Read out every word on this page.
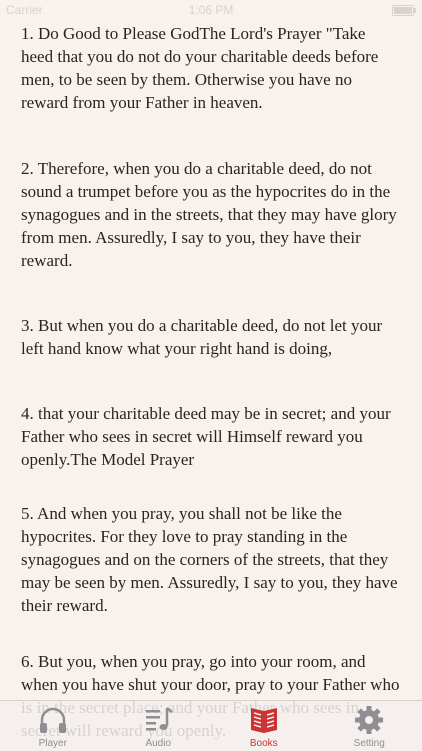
Carrier	1:06 PM

1. Do Good to Please GodThe Lord's Prayer "Take heed that you do not do your charitable deeds before men, to be seen by them. Otherwise you have no reward from your Father in heaven.

2. Therefore, when you do a charitable deed, do not sound a trumpet before you as the hypocrites do in the synagogues and in the streets, that they may have glory from men. Assuredly, I say to you, they have their reward.

3. But when you do a charitable deed, do not let your left hand know what your right hand is doing,

4. that your charitable deed may be in secret; and your Father who sees in secret will Himself reward you openly.The Model Prayer

5. And when you pray, you shall not be like the hypocrites. For they love to pray standing in the synagogues and on the corners of the streets, that they may be seen by men. Assuredly, I say to you, they have their reward.

6. But you, when you pray, go into your room, and when you have shut your door, pray to your Father who

Player	Audio	Books	Setting
